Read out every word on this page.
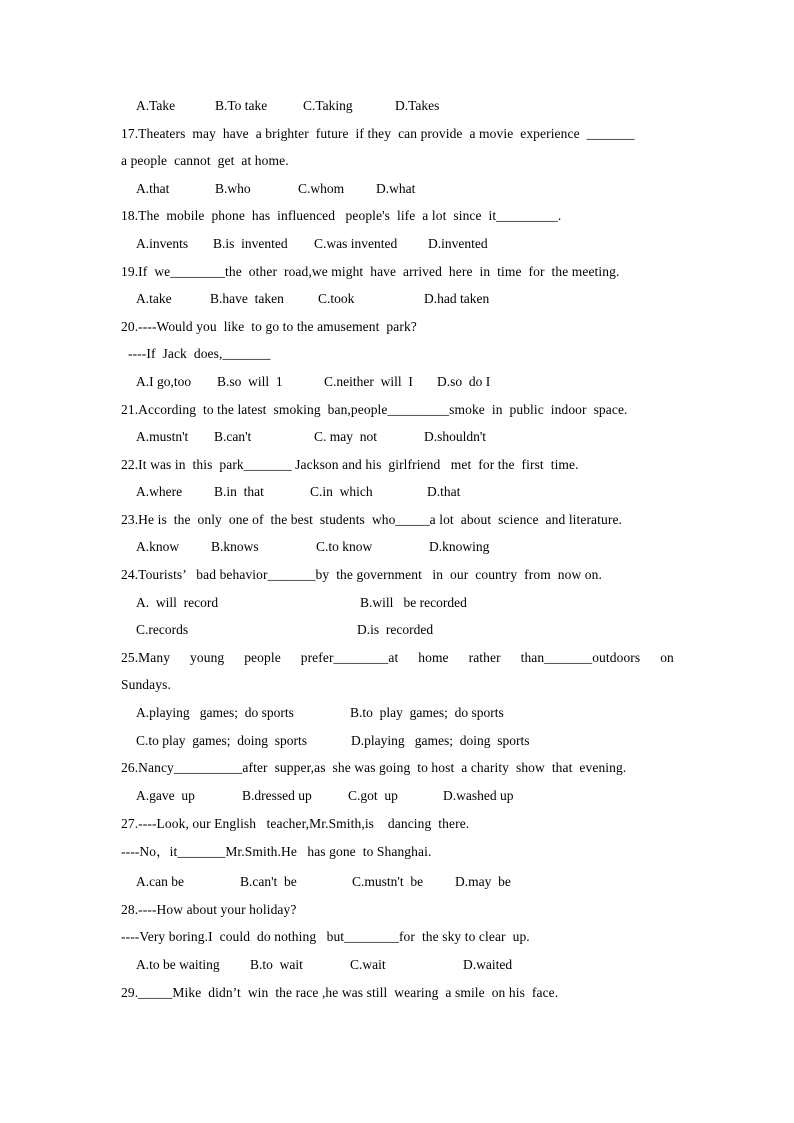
A.Take	B.To take	C.Taking	D.Takes
17.Theaters  may  have  a brighter  future  if they  can provide  a movie  experience  _______
a people  cannot  get  at home.
A.that	B.who	C.whom D.what
18.The  mobile  phone  has  influenced   people's  life  a lot  since  it_________.
A.invents B.is  invented C.was invented D.invented
19.If  we________the  other  road,we might  have  arrived  here  in  time  for  the meeting.
A.take	B.have  taken	C.took	D.had taken
20.----Would you  like  to go to the amusement  park?
----If  Jack  does,_______
A.I go,too B.so  will  1	C.neither  will  I D.so  do I
21.According  to the latest  smoking  ban,people_________smoke  in  public  indoor  space.
A.mustn't B.can't	C. may  not	D.shouldn't
22.It was in  this  park_______ Jackson and his  girlfriend   met  for the  first  time.
A.where B.in  that	C.in  which	D.that
23.He is  the  only  one of  the best  students  who_____a lot  about  science  and literature.
A.know B.knows	C.to know	D.knowing
24.Tourists’   bad behavior_______by  the government   in  our  country  from  now on.
A.  will  record	B.will   be recorded
C.records	D.is  recorded
25.Many young people prefer________at home rather than_______outdoors on
Sundays.
A.playing   games;  do sports	B.to  play  games;  do sports
C.to play  games;  doing  sports	D.playing   games;  doing  sports
26.Nancy__________after  supper,as  she was going  to host  a charity  show  that  evening.
A.gave  up	B.dressed up	C.got  up	D.washed up
27.----Look, our English   teacher,Mr.Smith,is    dancing  there.
----No，it_______Mr.Smith.He   has gone  to Shanghai.
A.can be	B.can't  be	C.mustn't  be D.may  be
28.----How about your holiday?
----Very boring.I  could  do nothing   but________for  the sky to clear  up.
A.to be waiting B.to  wait	C.wait	D.waited
29._____Mike  didn’t  win  the race ,he was still  wearing  a smile  on his  face.
